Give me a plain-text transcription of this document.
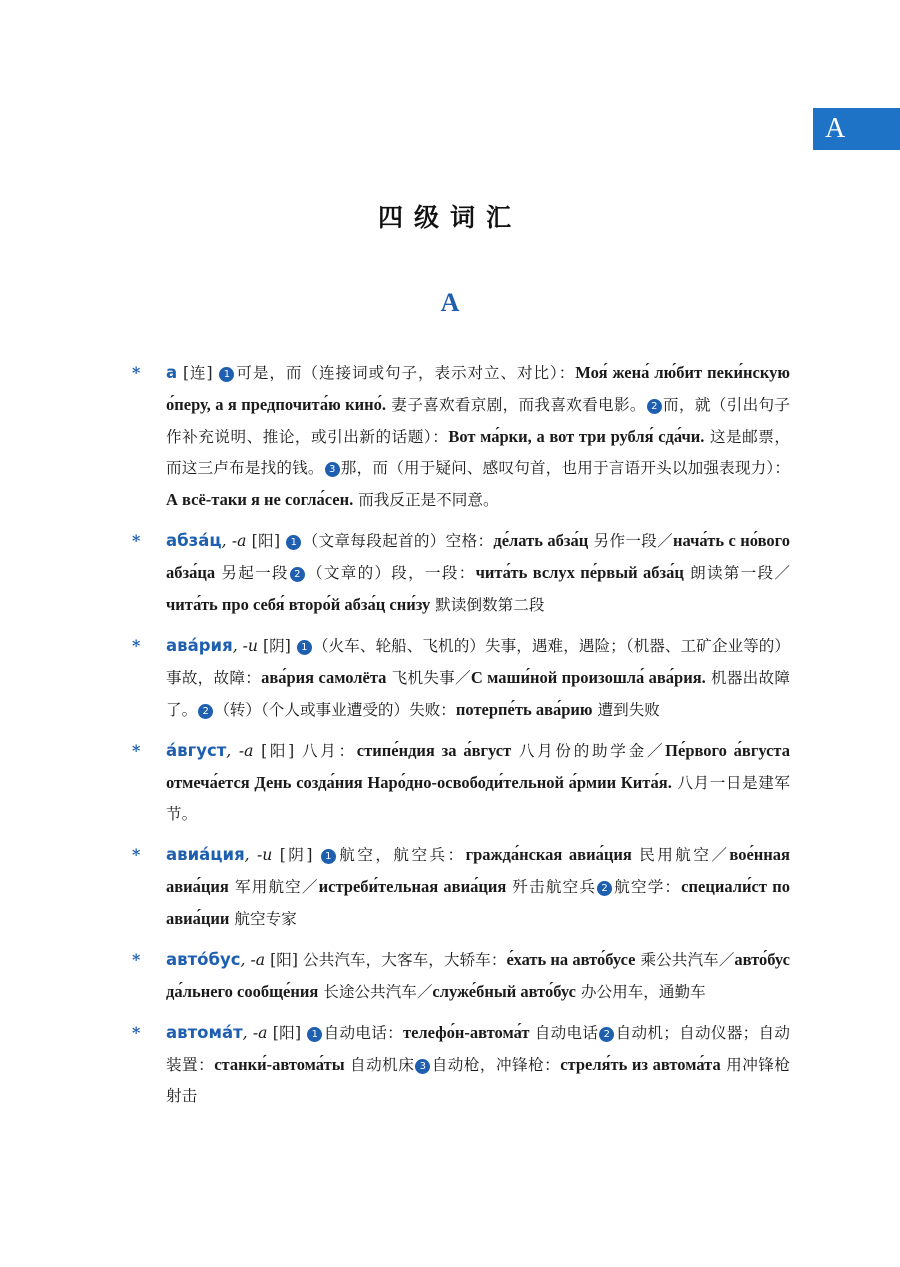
A
四级词汇
A
* а [连] 1 可是，而（连接词或句子，表示对立、对比）：Моя́ жена́ лю́бит пеки́нскую о́перу, а я предпочита́ю кино́. 妻子喜欢看京剧，而我喜欢看电影。 2 而，就（引出句子作补充说明、推论，或引出新的话题）：Вот ма́рки, а вот три рубля́ сда́чи. 这是邮票，而这三卢布是找的钱。 3 那，而（用于疑问、感叹句首，也用于言语开头以加强表现力）：А всё-таки я не согла́сен. 而我反正是不同意。
* абза́ц, -а [阳] 1 （文章每段起首的）空格：де́лать абза́ц 另作一段／нача́ть с но́вого абза́ца 另起一段 2 （文章的）段，一段：чита́ть вслух пе́рвый абза́ц 朗读第一段／чита́ть про себя́ второ́й абза́ц сни́зу 默读倒数第二段
* ава́рия, -и [阴] 1 （火车、轮船、飞机的）失事，遇难，遇险；（机器、工矿企业等的）事故，故障：ава́рия самолёта 飞机失事／С маши́ной произошла́ ава́рия. 机器出故障了。 2 （转）（个人或事业遭受的）失败：потерпе́ть ава́рию 遭到失败
* а́вгуст, -а [阳] 八月：стипе́ндия за а́вгуст 八月份的助学金／Пе́рвого а́вгуста отмеча́ется День созда́ния Наро́дно-освободи́тельной а́рмии Кита́я. 八月一日是建军节。
* авиа́ция, -и [阴] 1 航空，航空兵：гражда́нская авиа́ция 民用航空／вое́нная авиа́ция 军用航空／истреби́тельная авиа́ция 歼击航空兵 2 航空学：специали́ст по авиа́ции 航空专家
* авто́бус, -а [阳] 公共汽车，大客车，大轿车：е́хать на авто́бусе 乘公共汽车／авто́бус да́льнего сообще́ния 长途公共汽车／служе́бный авто́бус 办公用车，通勤车
* автома́т, -а [阳] 1 自动电话：телефо́н-автома́т 自动电话 2 自动机；自动仪器；自动装置：станки́-автома́ты 自动机床 3 自动枪，冲锋枪：стреля́ть из автома́та 用冲锋枪射击
